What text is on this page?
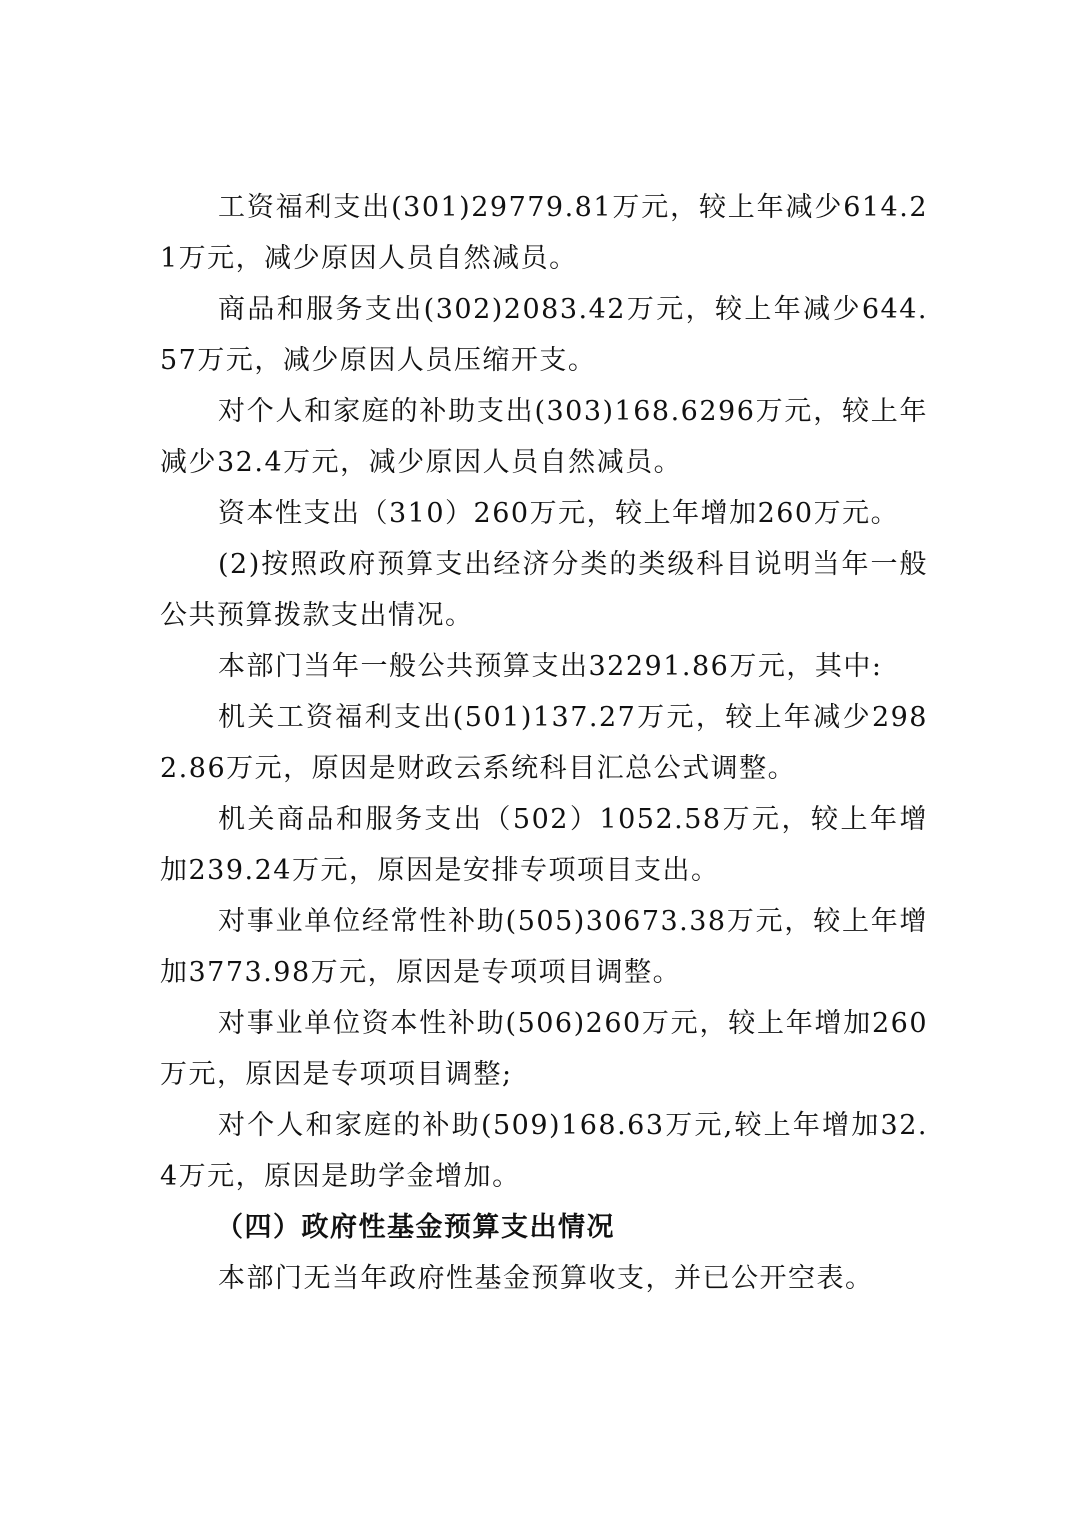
工资福利支出(301)29779.81万元，较上年减少614.21万元，减少原因人员自然减员。

商品和服务支出(302)2083.42万元，较上年减少644.57万元，减少原因人员压缩开支。

对个人和家庭的补助支出(303)168.6296万元，较上年减少32.4万元，减少原因人员自然减员。

资本性支出（310）260万元，较上年增加260万元。

(2)按照政府预算支出经济分类的类级科目说明当年一般公共预算拨款支出情况。

本部门当年一般公共预算支出32291.86万元，其中:

机关工资福利支出(501)137.27万元，较上年减少2982.86万元，原因是财政云系统科目汇总公式调整。

机关商品和服务支出（502）1052.58万元，较上年增加239.24万元，原因是安排专项项目支出。

对事业单位经常性补助(505)30673.38万元，较上年增加3773.98万元，原因是专项项目调整。

对事业单位资本性补助(506)260万元，较上年增加260万元，原因是专项项目调整;

对个人和家庭的补助(509)168.63万元,较上年增加32.4万元，原因是助学金增加。

（四）政府性基金预算支出情况

本部门无当年政府性基金预算收支，并已公开空表。
